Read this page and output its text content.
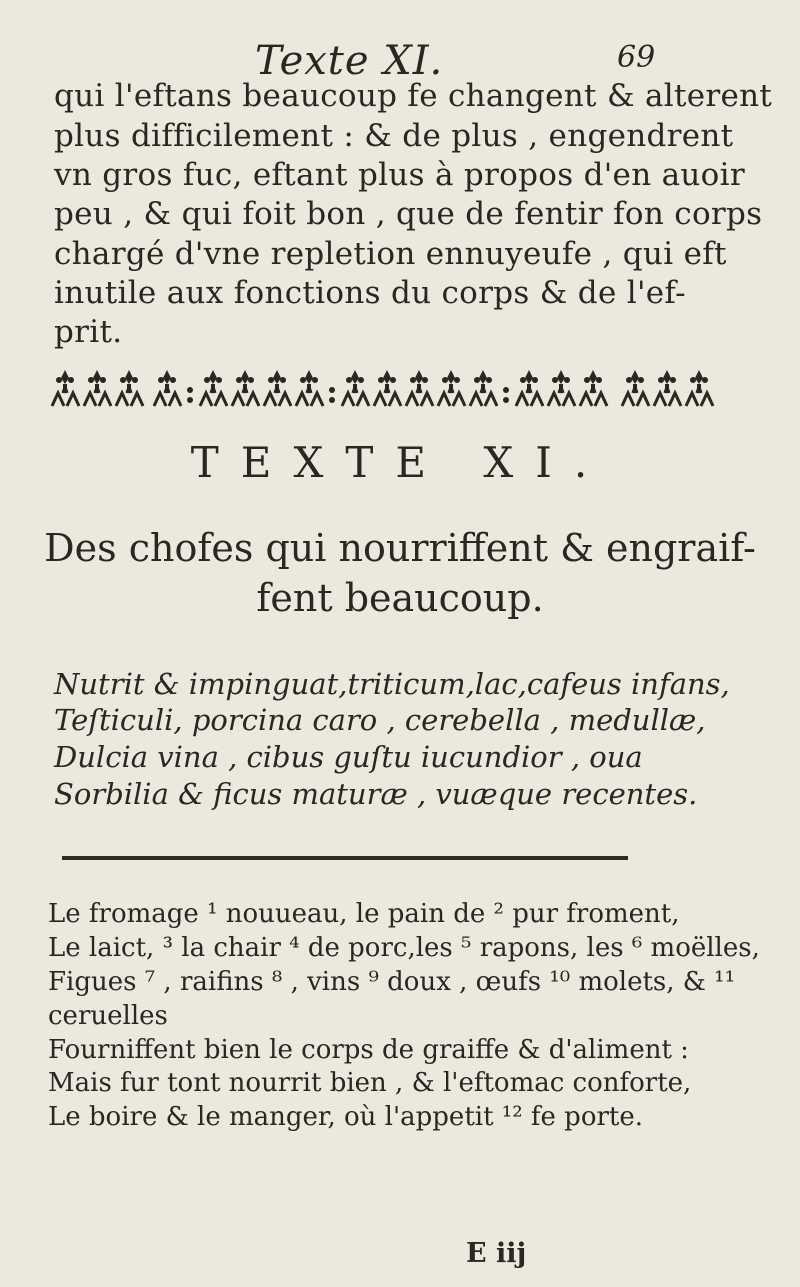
Texte XI.	69
qui l'eftans beaucoup fe changent & alterent
plus difficilement : & de plus , engendrent
vn gros fuc, eftant plus à propos d'en auoir
peu , & qui foit bon , que de fentir fon corps
chargé d'vne repletion ennuyeufe , qui eft
inutile aux fonctions du corps & de l'ef-
prit.
TEXTE XI.
Des chofes qui nourriffent & engraif-
fent beaucoup.
Nutrit & impinguat,triticum,lac,cafeus infans,
Teſticuli, porcina caro , cerebella , medullæ,
Dulcia vina , cibus guſtu iucundior , oua
Sorbilia & ficus maturæ , vuæque recentes.
Le fromage ¹ nouueau, le pain de ² pur froment,
Le laict, ³ la chair ⁴ de porc,les ⁵ rapons, les ⁶ moëlles,
Figues ⁷ , raifins ⁸ , vins ⁹ doux , œufs ¹⁰ molets, & ¹¹
ceruelles
Fourniffent bien le corps de graiffe & d'aliment :
Mais fur tont nourrit bien , & l'eftomac conforte,
Le boire & le manger, où l'appetit ¹² fe porte.
E iij
